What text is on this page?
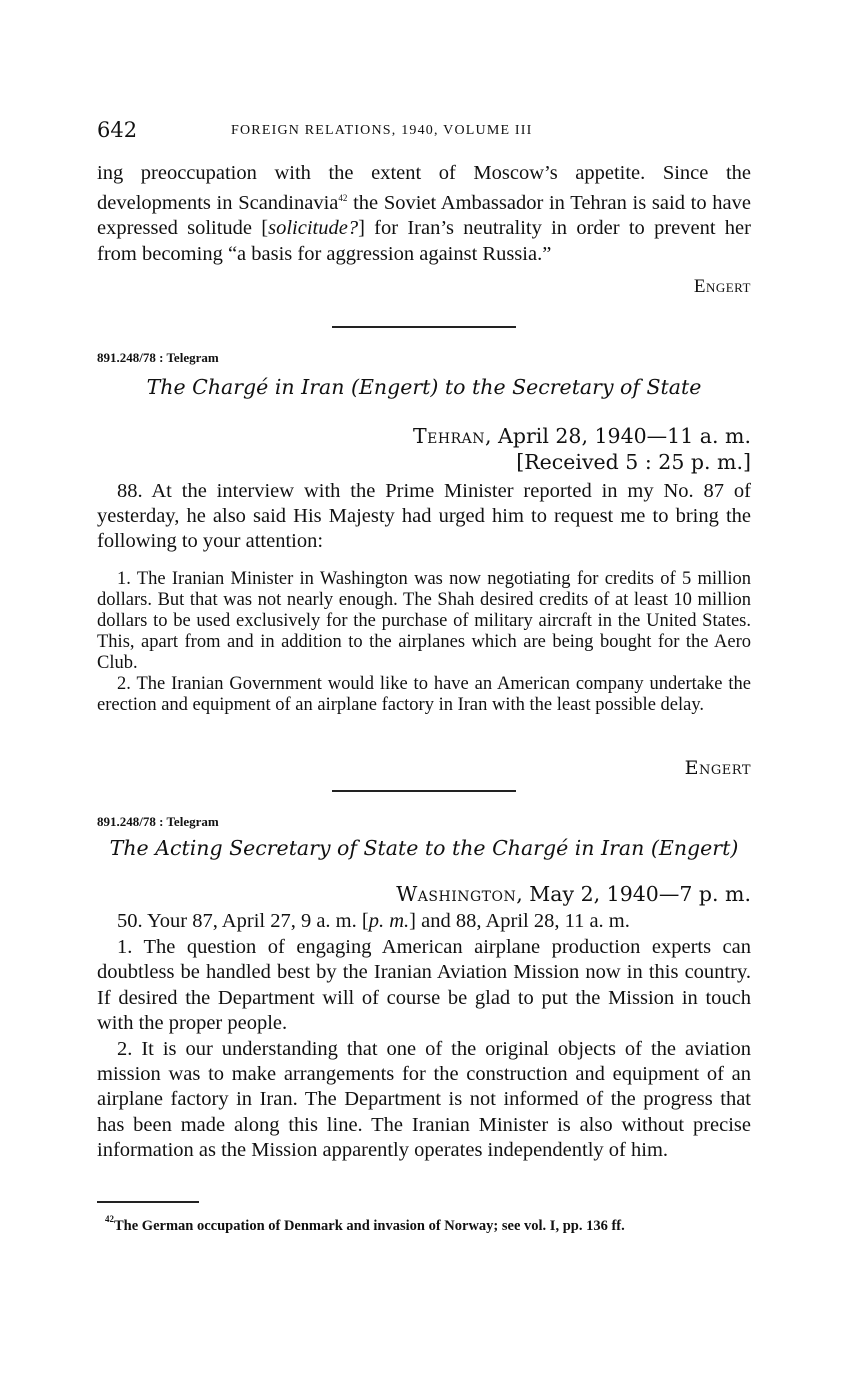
642	FOREIGN RELATIONS, 1940, VOLUME III

ing preoccupation with the extent of Moscow’s appetite. Since the developments in Scandinavia$^{42}$ the Soviet Ambassador in Tehran is said to have expressed solitude [solicitude?] for Iran’s neutrality in order to prevent her from becoming “a basis for aggression against Russia.”

Engert

891.248/78 : Telegram
The Chargé in Iran (Engert) to the Secretary of State
Tehran, April 28, 1940—11 a. m.
[Received 5 : 25 p. m.]

88. At the interview with the Prime Minister reported in my No. 87 of yesterday, he also said His Majesty had urged him to request me to bring the following to your attention:

1. The Iranian Minister in Washington was now negotiating for credits of 5 million dollars. But that was not nearly enough. The Shah desired credits of at least 10 million dollars to be used exclusively for the purchase of military aircraft in the United States. This, apart from and in addition to the airplanes which are being bought for the Aero Club.

2. The Iranian Government would like to have an American company undertake the erection and equipment of an airplane factory in Iran with the least possible delay.

Engert
891.248/78 : Telegram
The Acting Secretary of State to the Chargé in Iran (Engert)
Washington, May 2, 1940—7 p. m.

50. Your 87, April 27, 9 a. m. [p. m.] and 88, April 28, 11 a. m.

1. The question of engaging American airplane production experts can doubtless be handled best by the Iranian Aviation Mission now in this country. If desired the Department will of course be glad to put the Mission in touch with the proper people.

2. It is our understanding that one of the original objects of the aviation mission was to make arrangements for the construction and equipment of an airplane factory in Iran. The Department is not informed of the progress that has been made along this line. The Iranian Minister is also without precise information as the Mission apparently operates independently of him.

$^{42}$The German occupation of Denmark and invasion of Norway; see vol. I, pp. 136 ff.
